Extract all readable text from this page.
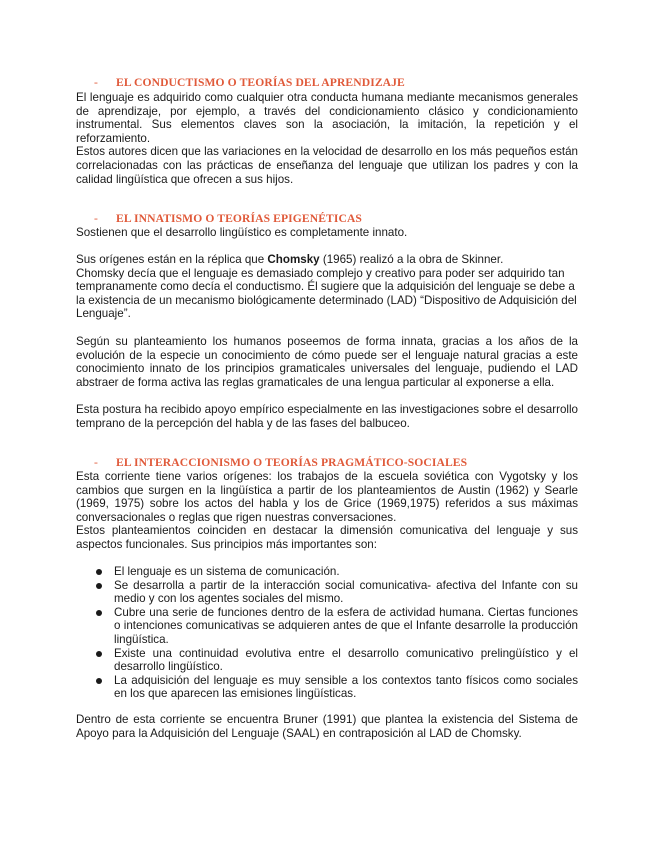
- EL CONDUCTISMO O TEORÍAS DEL APRENDIZAJE

El lenguaje es adquirido como cualquier otra conducta humana mediante mecanismos generales de aprendizaje, por ejemplo, a través del condicionamiento clásico y condicionamiento instrumental. Sus elementos claves son la asociación, la imitación, la repetición y el reforzamiento.

Estos autores dicen que las variaciones en la velocidad de desarrollo en los más pequeños están correlacionadas con las prácticas de enseñanza del lenguaje que utilizan los padres y con la calidad lingüística que ofrecen a sus hijos.

- EL INNATISMO O TEORÍAS EPIGENÉTICAS

Sostienen que el desarrollo lingüístico es completamente innato.

Sus orígenes están en la réplica que Chomsky (1965) realizó a la obra de Skinner.

Chomsky decía que el lenguaje es demasiado complejo y creativo para poder ser adquirido tan tempranamente como decía el conductismo. Él sugiere que la adquisición del lenguaje se debe a la existencia de un mecanismo biológicamente determinado (LAD) “Dispositivo de Adquisición del Lenguaje”.

Según su planteamiento los humanos poseemos de forma innata, gracias a los años de la evolución de la especie un conocimiento de cómo puede ser el lenguaje natural gracias a este conocimiento innato de los principios gramaticales universales del lenguaje, pudiendo el LAD abstraer de forma activa las reglas gramaticales de una lengua particular al exponerse a ella.

Esta postura ha recibido apoyo empírico especialmente en las investigaciones sobre el desarrollo temprano de la percepción del habla y de las fases del balbuceo.

- EL INTERACCIONISMO O TEORÍAS PRAGMÁTICO-SOCIALES

Esta corriente tiene varios orígenes: los trabajos de la escuela soviética con Vygotsky y los cambios que surgen en la lingüística a partir de los planteamientos de Austin (1962) y Searle (1969, 1975) sobre los actos del habla y los de Grice (1969,1975) referidos a sus máximas conversacionales o reglas que rigen nuestras conversaciones.

Estos planteamientos coinciden en destacar la dimensión comunicativa del lenguaje y sus aspectos funcionales. Sus principios más importantes son:

El lenguaje es un sistema de comunicación.
Se desarrolla a partir de la interacción social comunicativa- afectiva del Infante con su medio y con los agentes sociales del mismo.
Cubre una serie de funciones dentro de la esfera de actividad humana. Ciertas funciones o intenciones comunicativas se adquieren antes de que el Infante desarrolle la producción lingüística.
Existe una continuidad evolutiva entre el desarrollo comunicativo prelingüístico y el desarrollo lingüístico.
La adquisición del lenguaje es muy sensible a los contextos tanto físicos como sociales en los que aparecen las emisiones lingüísticas.

Dentro de esta corriente se encuentra Bruner (1991) que plantea la existencia del Sistema de Apoyo para la Adquisición del Lenguaje (SAAL) en contraposición al LAD de Chomsky.
